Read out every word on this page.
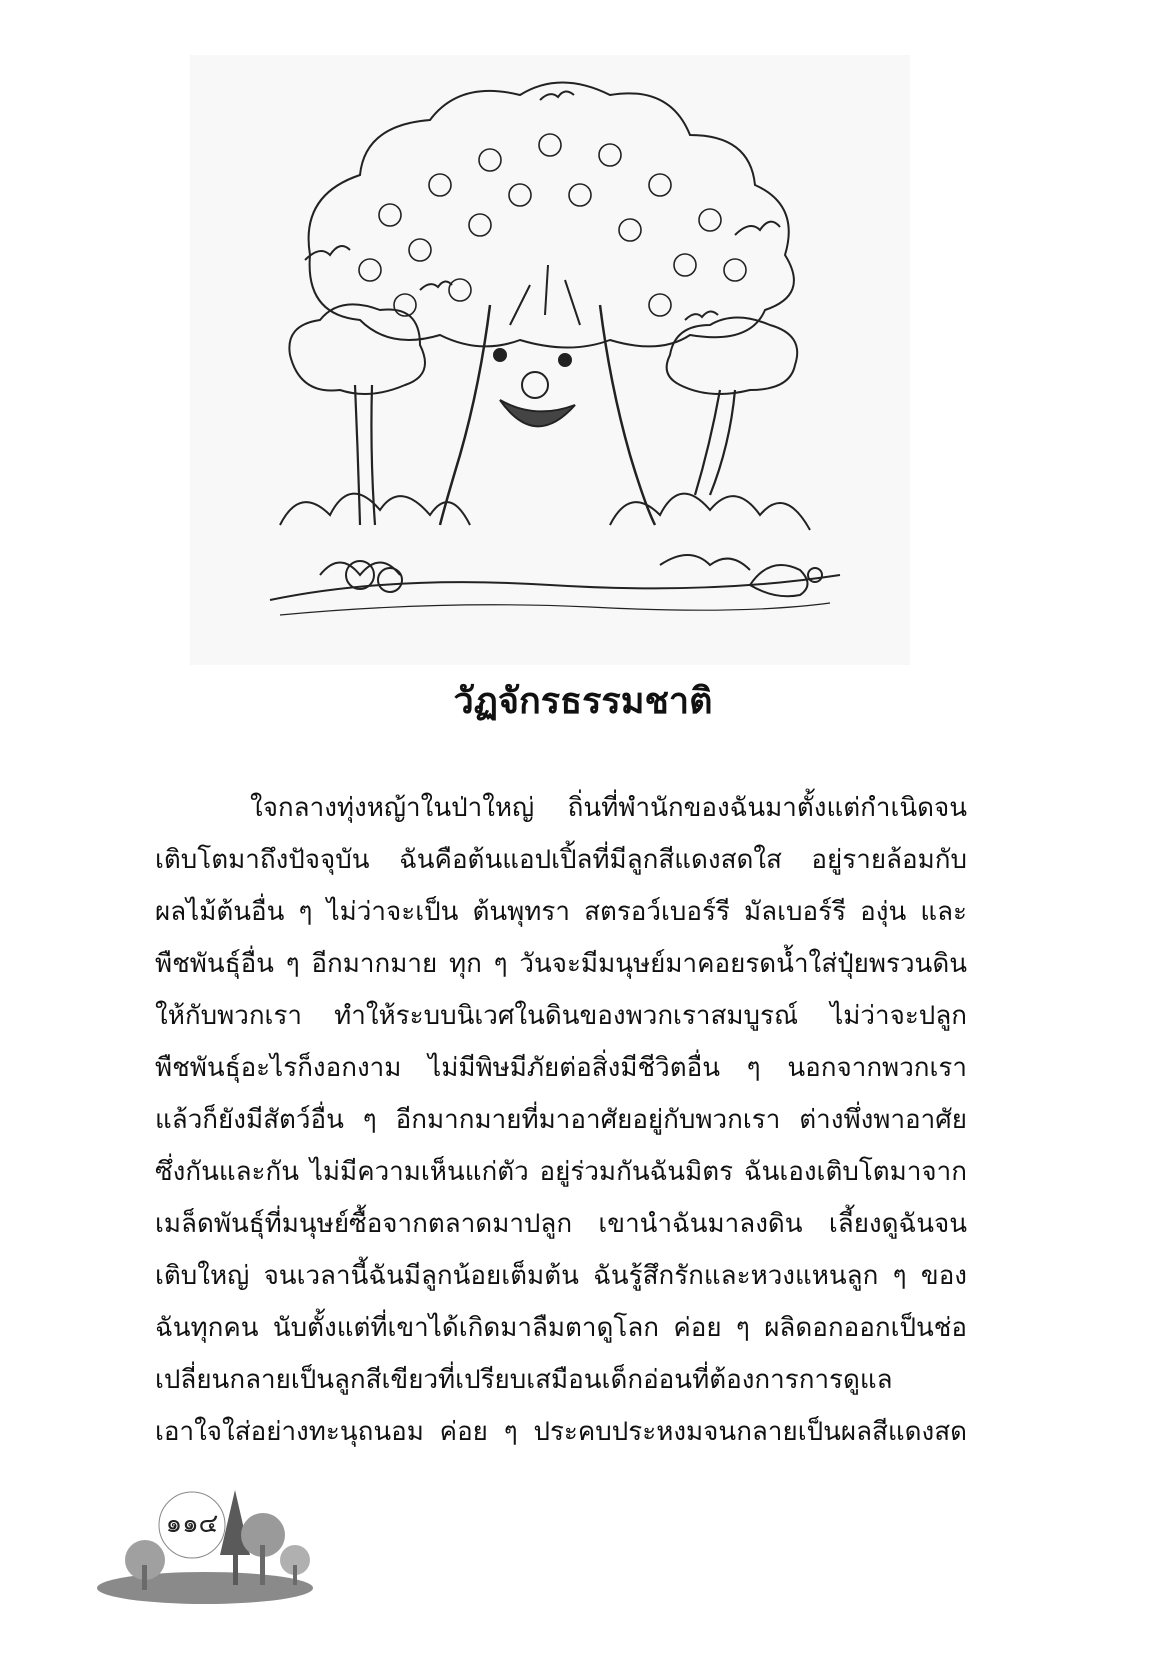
วัฏจักรธรรมชาติ
ใจกลางทุ่งหญ้าในป่าใหญ่ ถิ่นที่พำนักของฉันมาตั้งแต่กำเนิดจน
เติบโตมาถึงปัจจุบัน ฉันคือต้นแอปเปิ้ลที่มีลูกสีแดงสดใส อยู่รายล้อมกับ
ผลไม้ต้นอื่น ๆ ไม่ว่าจะเป็น ต้นพุทรา สตรอว์เบอร์รี มัลเบอร์รี องุ่น และ
พืชพันธุ์อื่น ๆ อีกมากมาย ทุก ๆ วันจะมีมนุษย์มาคอยรดน้ำใส่ปุ๋ยพรวนดิน
ให้กับพวกเรา ทำให้ระบบนิเวศในดินของพวกเราสมบูรณ์ ไม่ว่าจะปลูก
พืชพันธุ์อะไรก็งอกงาม ไม่มีพิษมีภัยต่อสิ่งมีชีวิตอื่น ๆ นอกจากพวกเรา
แล้วก็ยังมีสัตว์อื่น ๆ อีกมากมายที่มาอาศัยอยู่กับพวกเรา ต่างพึ่งพาอาศัย
ซึ่งกันและกัน ไม่มีความเห็นแก่ตัว อยู่ร่วมกันฉันมิตร ฉันเองเติบโตมาจาก
เมล็ดพันธุ์ที่มนุษย์ซื้อจากตลาดมาปลูก เขานำฉันมาลงดิน เลี้ยงดูฉันจน
เติบใหญ่ จนเวลานี้ฉันมีลูกน้อยเต็มต้น ฉันรู้สึกรักและหวงแหนลูก ๆ ของ
ฉันทุกคน นับตั้งแต่ที่เขาได้เกิดมาลืมตาดูโลก ค่อย ๆ ผลิดอกออกเป็นช่อ
เปลี่ยนกลายเป็นลูกสีเขียวที่เปรียบเสมือนเด็กอ่อนที่ต้องการการดูแล
เอาใจใส่อย่างทะนุถนอม ค่อย ๆ ประคบประหงมจนกลายเป็นผลสีแดงสด
๑๑๔
